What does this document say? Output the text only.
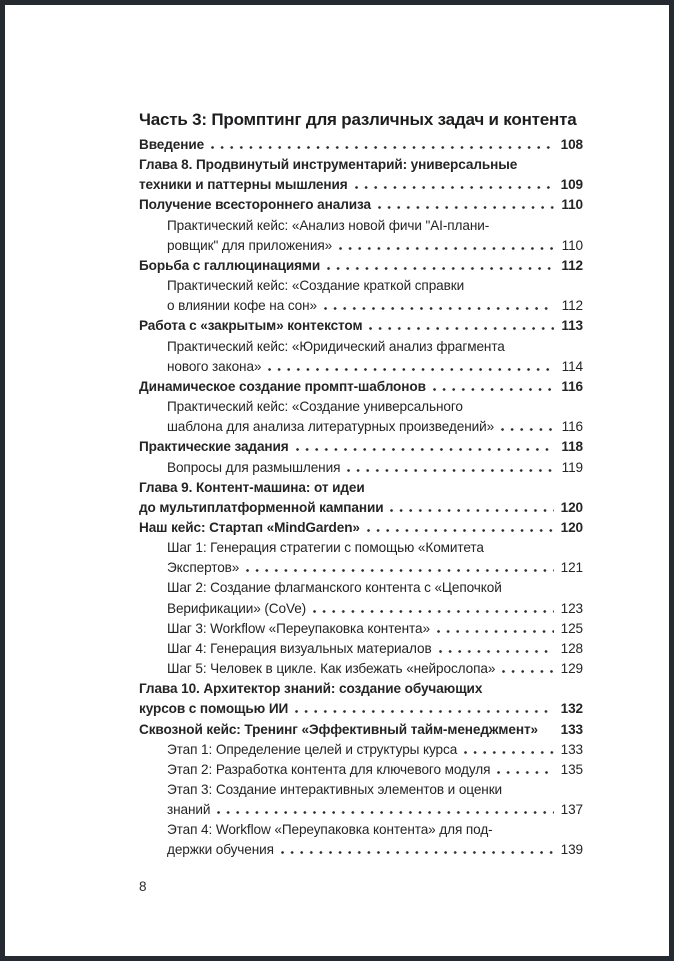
Часть 3: Промптинг для различных задач и контента
Введение	108
Глава 8. Продвинутый инструментарий: универсальные
техники и паттерны мышления	109
Получение всестороннего анализа	110
Практический кейс: «Анализ новой фичи "AI-плани-
ровщик" для приложения»	110
Борьба с галлюцинациями	112
Практический кейс: «Создание краткой справки
о влиянии кофе на сон»	112
Работа с «закрытым» контекстом	113
Практический кейс: «Юридический анализ фрагмента
нового закона»	114
Динамическое создание промпт-шаблонов	116
Практический кейс: «Создание универсального
шаблона для анализа литературных произведений»	116
Практические задания	118
Вопросы для размышления	119
Глава 9. Контент-машина: от идеи
до мультиплатформенной кампании	120
Наш кейс: Стартап «MindGarden»	120
Шаг 1: Генерация стратегии с помощью «Комитета
Экспертов»	121
Шаг 2: Создание флагманского контента с «Цепочкой
Верификации» (CoVe)	123
Шаг 3: Workflow «Переупаковка контента»	125
Шаг 4: Генерация визуальных материалов	128
Шаг 5: Человек в цикле. Как избежать «нейрослопа»	129
Глава 10. Архитектор знаний: создание обучающих
курсов с помощью ИИ	132
Сквозной кейс: Тренинг «Эффективный тайм-менеджмент» 133
Этап 1: Определение целей и структуры курса	133
Этап 2: Разработка контента для ключевого модуля	135
Этап 3: Создание интерактивных элементов и оценки
знаний	137
Этап 4: Workflow «Переупаковка контента» для под-
держки обучения	139
8
